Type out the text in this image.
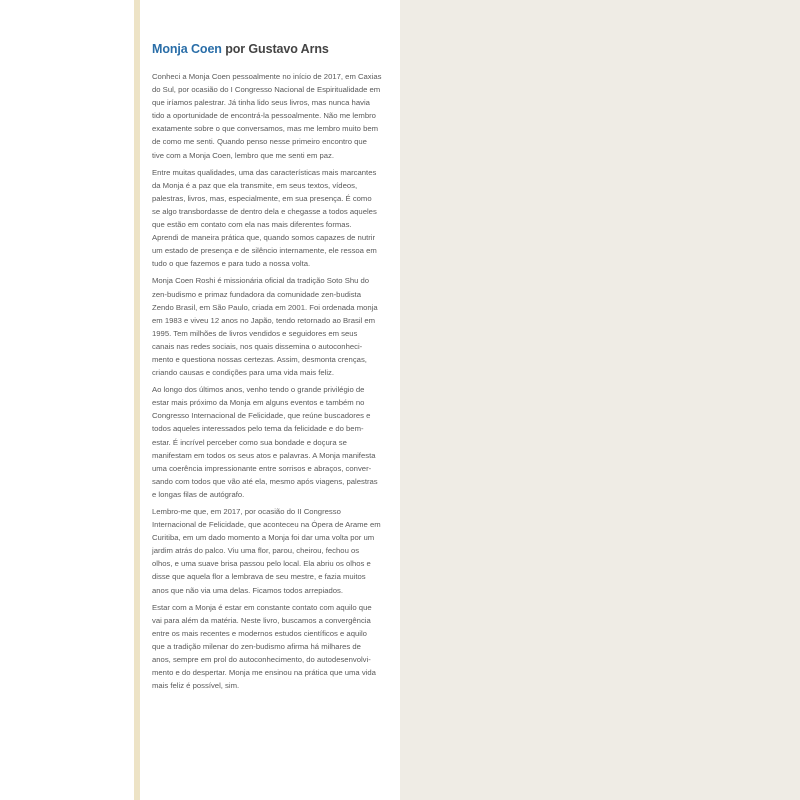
Monja Coen por Gustavo Arns

Conheci a Monja Coen pessoalmente no início de 2017, em Caxias
do Sul, por ocasião do I Congresso Nacional de Espiritualidade em
que iríamos palestrar. Já tinha lido seus livros, mas nunca havia
tido a oportunidade de encontrá-la pessoalmente. Não me lembro
exatamente sobre o que conversamos, mas me lembro muito bem
de como me senti. Quando penso nesse primeiro encontro que
tive com a Monja Coen, lembro que me senti em paz.

Entre muitas qualidades, uma das características mais marcantes
da Monja é a paz que ela transmite, em seus textos, vídeos,
palestras, livros, mas, especialmente, em sua presença. É como
se algo transbordasse de dentro dela e chegasse a todos aqueles
que estão em contato com ela nas mais diferentes formas.
Aprendi de maneira prática que, quando somos capazes de nutrir
um estado de presença e de silêncio internamente, ele ressoa em
tudo o que fazemos e para tudo a nossa volta.

Monja Coen Roshi é missionária oficial da tradição Soto Shu do
zen-budismo e primaz fundadora da comunidade zen-budista
Zendo Brasil, em São Paulo, criada em 2001. Foi ordenada monja
em 1983 e viveu 12 anos no Japão, tendo retornado ao Brasil em
1995. Tem milhões de livros vendidos e seguidores em seus
canais nas redes sociais, nos quais dissemina o autoconheci-
mento e questiona nossas certezas. Assim, desmonta crenças,
criando causas e condições para uma vida mais feliz.

Ao longo dos últimos anos, venho tendo o grande privilégio de
estar mais próximo da Monja em alguns eventos e também no
Congresso Internacional de Felicidade, que reúne buscadores e
todos aqueles interessados pelo tema da felicidade e do bem-
estar. É incrível perceber como sua bondade e doçura se
manifestam em todos os seus atos e palavras. A Monja manifesta
uma coerência impressionante entre sorrisos e abraços, conver-
sando com todos que vão até ela, mesmo após viagens, palestras
e longas filas de autógrafo.

Lembro-me que, em 2017, por ocasião do II Congresso
Internacional de Felicidade, que aconteceu na Ópera de Arame em
Curitiba, em um dado momento a Monja foi dar uma volta por um
jardim atrás do palco. Viu uma flor, parou, cheirou, fechou os
olhos, e uma suave brisa passou pelo local. Ela abriu os olhos e
disse que aquela flor a lembrava de seu mestre, e fazia muitos
anos que não via uma delas. Ficamos todos arrepiados.

Estar com a Monja é estar em constante contato com aquilo que
vai para além da matéria. Neste livro, buscamos a convergência
entre os mais recentes e modernos estudos científicos e aquilo
que a tradição milenar do zen-budismo afirma há milhares de
anos, sempre em prol do autoconhecimento, do autodesenvolvi-
mento e do despertar. Monja me ensinou na prática que uma vida
mais feliz é possível, sim.
